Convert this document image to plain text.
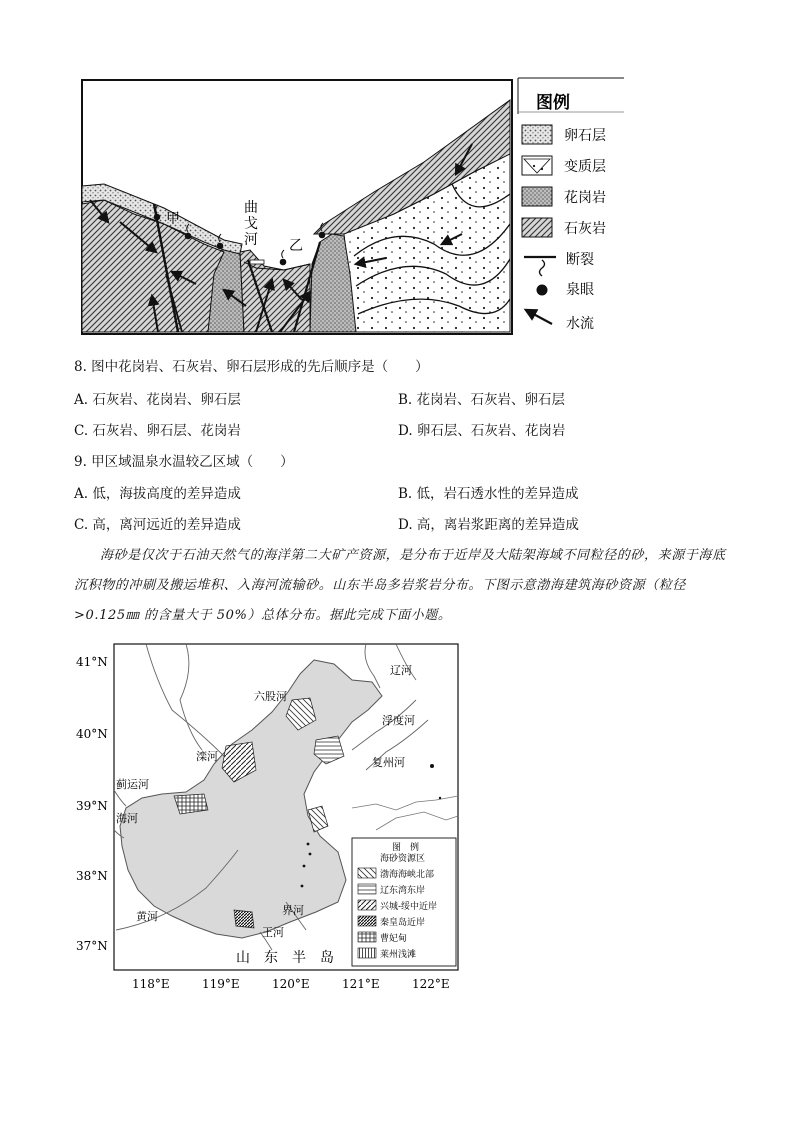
甲
乙
曲
戈
河
图例
卵石层
变质层
花岗岩
石灰岩
断裂
泉眼
水流
8. 图中花岗岩、石灰岩、卵石层形成的先后顺序是（　　）
A. 石灰岩、花岗岩、卵石层	B. 花岗岩、石灰岩、卵石层
C. 石灰岩、卵石层、花岗岩	D. 卵石层、石灰岩、花岗岩
9. 甲区域温泉水温较乙区域（　　）
A. 低，海拔高度的差异造成	B. 低，岩石透水性的差异造成
C. 高，离河远近的差异造成	D. 高，离岩浆距离的差异造成
海砂是仅次于石油天然气的海洋第二大矿产资源，是分布于近岸及大陆架海域不同粒径的砂，来源于海底沉积物的冲刷及搬运堆积、入海河流输砂。山东半岛多岩浆岩分布。下图示意渤海建筑海砂资源（粒径>0.125㎜ 的含量大于 50%）总体分布。据此完成下面小题。
41°N
40°N
39°N
38°N
37°N
118°E	119°E	120°E	121°E	122°E
六股河
辽河
浮度河
滦河	复州河
蓟运河
海河
黄河	界河
王河
山　东　半　岛
图　例
海砂资源区
渤海海峡北部
辽东湾东岸
兴城-绥中近岸
秦皇岛近岸
曹妃甸
莱州浅滩
